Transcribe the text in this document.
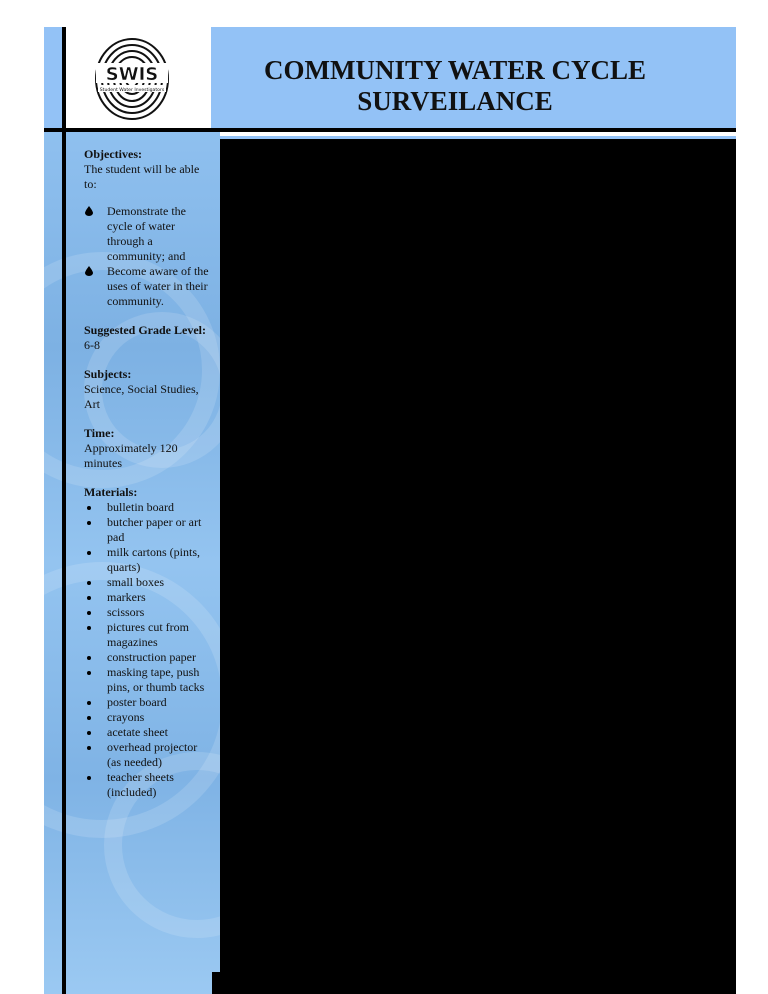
SWIS
Student Water Investigators
COMMUNITY WATER CYCLE
SURVEILANCE
Objectives:

The student will be able to:

Demonstrate the cycle of water through a community; and
Become aware of the uses of water in their community.
Suggested Grade Level:

6-8

Subjects:

Science, Social Studies, Art

Time:

Approximately 120 minutes

Materials:
bulletin board
butcher paper or art pad
milk cartons (pints, quarts)
small boxes
markers
scissors
pictures cut from magazines
construction paper
masking tape, push pins, or thumb tacks
poster board
crayons
acetate sheet
overhead projector (as needed)
teacher sheets (included)
